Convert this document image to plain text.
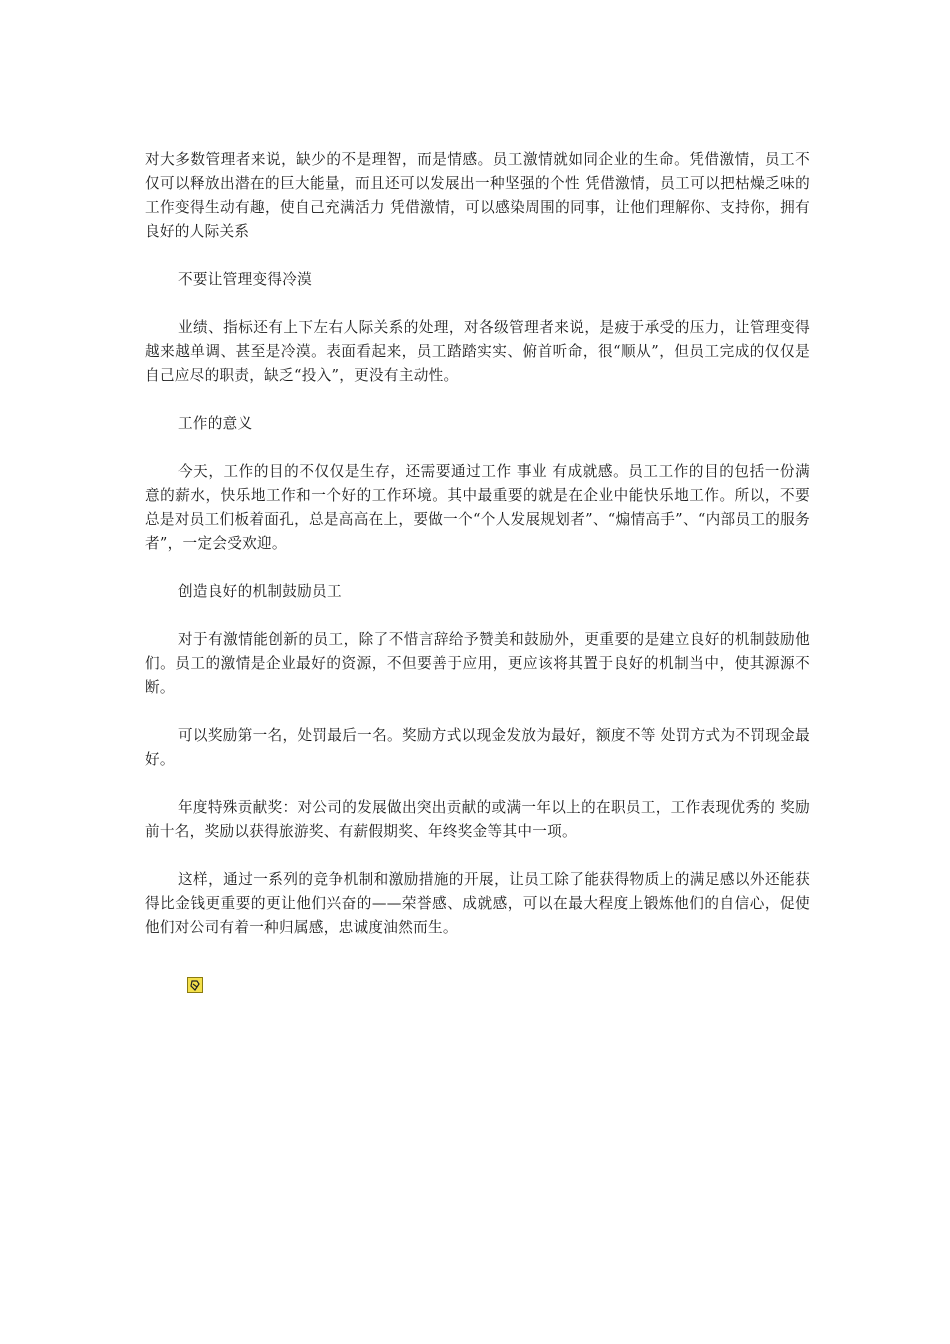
对大多数管理者来说，缺少的不是理智，而是情感。员工激情就如同企业的生命。凭借激情，员工不仅可以释放出潜在的巨大能量，而且还可以发展出一种坚强的个性 凭借激情，员工可以把枯燥乏味的工作变得生动有趣，使自己充满活力 凭借激情，可以感染周围的同事，让他们理解你、支持你，拥有良好的人际关系

不要让管理变得冷漠

业绩、指标还有上下左右人际关系的处理，对各级管理者来说，是疲于承受的压力，让管理变得越来越单调、甚至是冷漠。表面看起来，员工踏踏实实、俯首听命，很“顺从”，但员工完成的仅仅是自己应尽的职责，缺乏“投入”，更没有主动性。

工作的意义

今天，工作的目的不仅仅是生存，还需要通过工作 事业 有成就感。员工工作的目的包括一份满意的薪水，快乐地工作和一个好的工作环境。其中最重要的就是在企业中能快乐地工作。所以，不要总是对员工们板着面孔，总是高高在上，要做一个“个人发展规划者”、“煽情高手”、“内部员工的服务者”，一定会受欢迎。

创造良好的机制鼓励员工

对于有激情能创新的员工，除了不惜言辞给予赞美和鼓励外，更重要的是建立良好的机制鼓励他们。员工的激情是企业最好的资源，不但要善于应用，更应该将其置于良好的机制当中，使其源源不断。

可以奖励第一名，处罚最后一名。奖励方式以现金发放为最好，额度不等 处罚方式为不罚现金最好。

年度特殊贡献奖：对公司的发展做出突出贡献的或满一年以上的在职员工，工作表现优秀的 奖励前十名，奖励以获得旅游奖、有薪假期奖、年终奖金等其中一项。

这样，通过一系列的竞争机制和激励措施的开展，让员工除了能获得物质上的满足感以外还能获得比金钱更重要的更让他们兴奋的——荣誉感、成就感，可以在最大程度上锻炼他们的自信心，促使他们对公司有着一种归属感，忠诚度油然而生。
